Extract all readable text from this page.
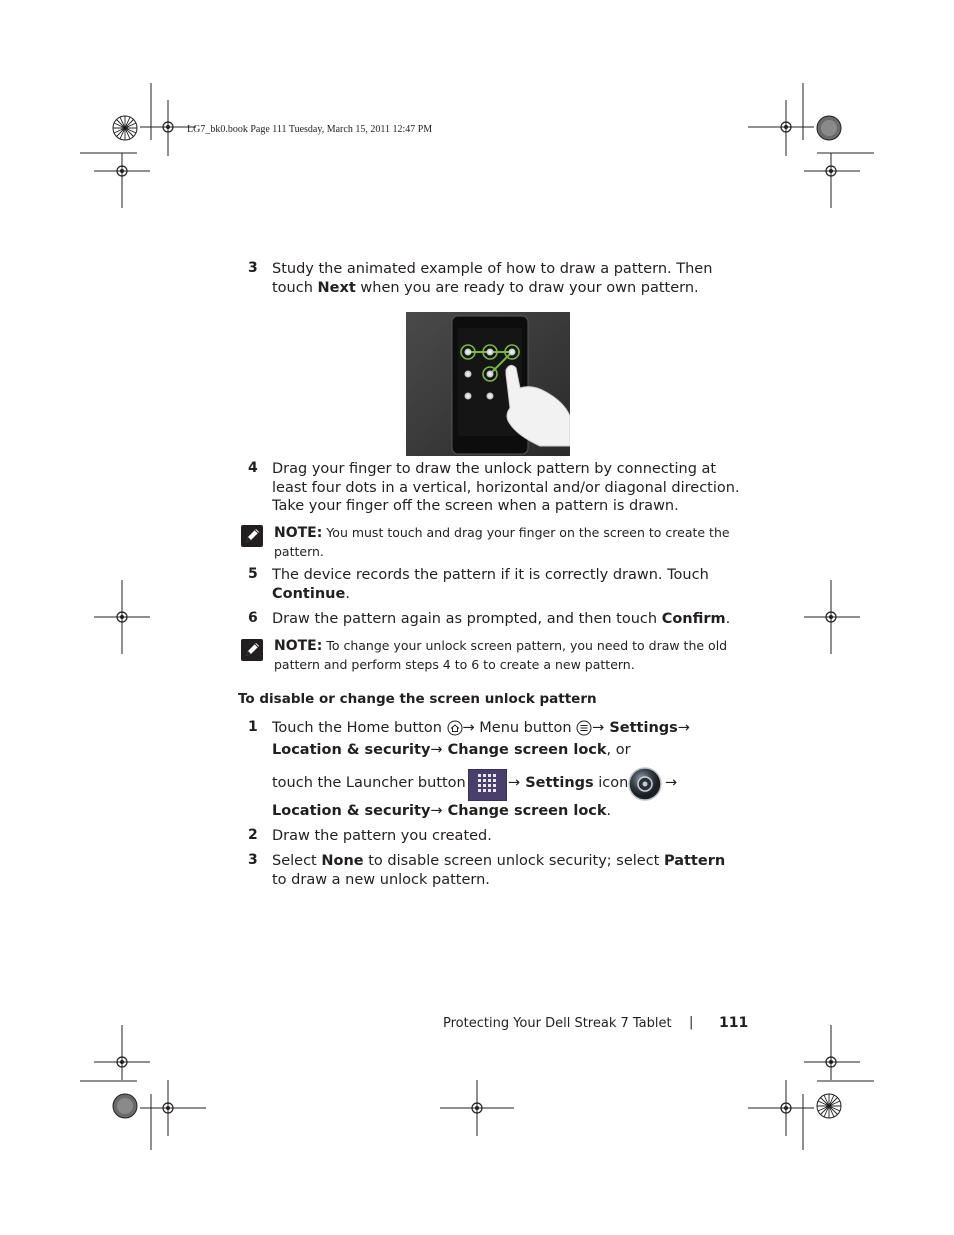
LG7_bk0.book Page 111 Tuesday, March 15, 2011 12:47 PM
3 Study the animated example of how to draw a pattern. Then touch Next when you are ready to draw your own pattern.
4 Drag your finger to draw the unlock pattern by connecting at least four dots in a vertical, horizontal and/or diagonal direction. Take your finger off the screen when a pattern is drawn.
NOTE: You must touch and drag your finger on the screen to create the pattern.
5 The device records the pattern if it is correctly drawn. Touch Continue.
6 Draw the pattern again as prompted, and then touch Confirm.
NOTE: To change your unlock screen pattern, you need to draw the old pattern and perform steps 4 to 6 to create a new pattern.
To disable or change the screen unlock pattern
1 Touch the Home button → Menu button → Settings→
Location & security→ Change screen lock, or
touch the Launcher button	→ Settings icon	→
Location & security→ Change screen lock.
2 Draw the pattern you created.
3 Select None to disable screen unlock security; select Pattern to draw a new unlock pattern.
Protecting Your Dell Streak 7 Tablet | 111
